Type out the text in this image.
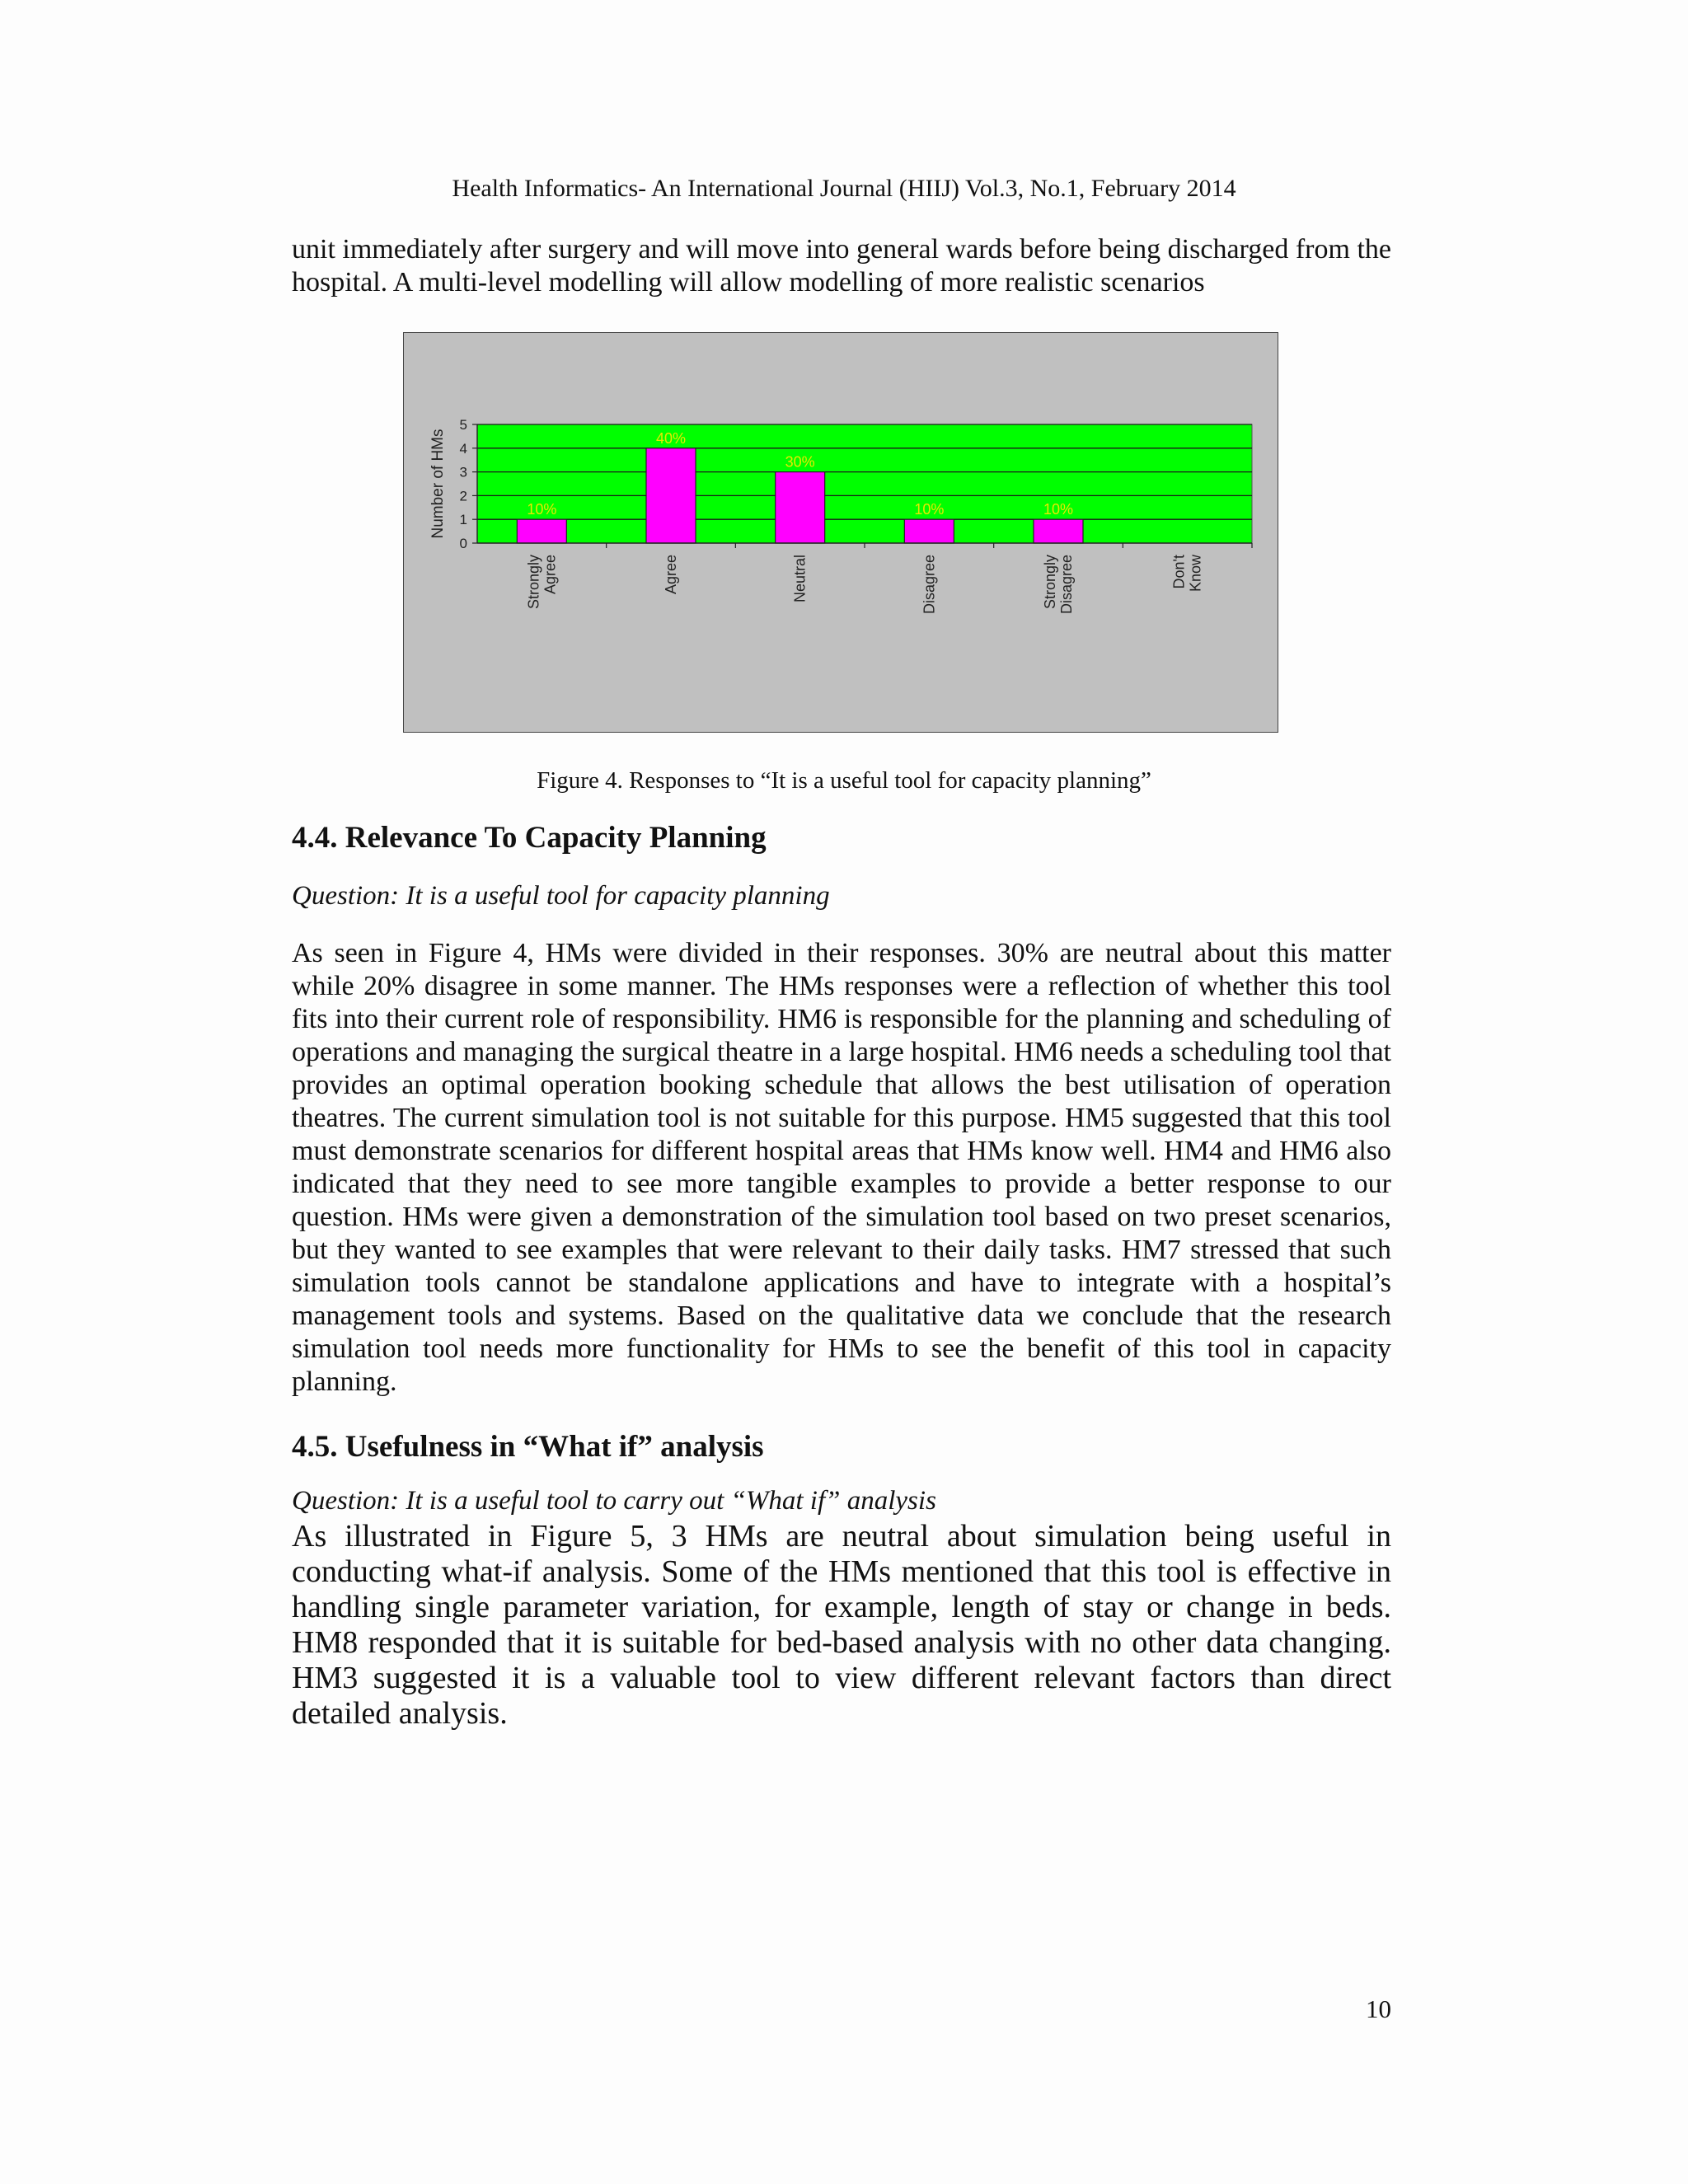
Health Informatics- An International Journal (HIIJ) Vol.3, No.1, February 2014

unit immediately after surgery and will move into general wards before being discharged from the hospital. A multi-level modelling will allow modelling of more realistic scenarios

0
1
2
3
4
5
Strongly Agree	Agree	Neutral	Disagree	Strongly Disagree	Don't Know
10%
40%
30%
10%	10%
Number of HMs
Figure 4. Responses to “It is a useful tool for capacity planning”
4.4. Relevance To Capacity Planning

Question: It is a useful tool for capacity planning

As seen in Figure 4, HMs were divided in their responses. 30% are neutral about this matter while 20% disagree in some manner. The HMs responses were a reflection of whether this tool fits into their current role of responsibility. HM6 is responsible for the planning and scheduling of operations and managing the surgical theatre in a large hospital. HM6 needs a scheduling tool that provides an optimal operation booking schedule that allows the best utilisation of operation theatres. The current simulation tool is not suitable for this purpose. HM5 suggested that this tool must demonstrate scenarios for different hospital areas that HMs know well. HM4 and HM6 also indicated that they need to see more tangible examples to provide a better response to our question. HMs were given a demonstration of the simulation tool based on two preset scenarios, but they wanted to see examples that were relevant to their daily tasks. HM7 stressed that such simulation tools cannot be standalone applications and have to integrate with a hospital’s management tools and systems. Based on the qualitative data we conclude that the research simulation tool needs more functionality for HMs to see the benefit of this tool in capacity planning.

4.5. Usefulness in “What if” analysis

Question: It is a useful tool to carry out “What if” analysis

As illustrated in Figure 5, 3 HMs are neutral about simulation being useful in conducting what-if analysis. Some of the HMs mentioned that this tool is effective in handling single parameter variation, for example, length of stay or change in beds. HM8 responded that it is suitable for bed-based analysis with no other data changing. HM3 suggested it is a valuable tool to view different relevant factors than direct detailed analysis.

10
